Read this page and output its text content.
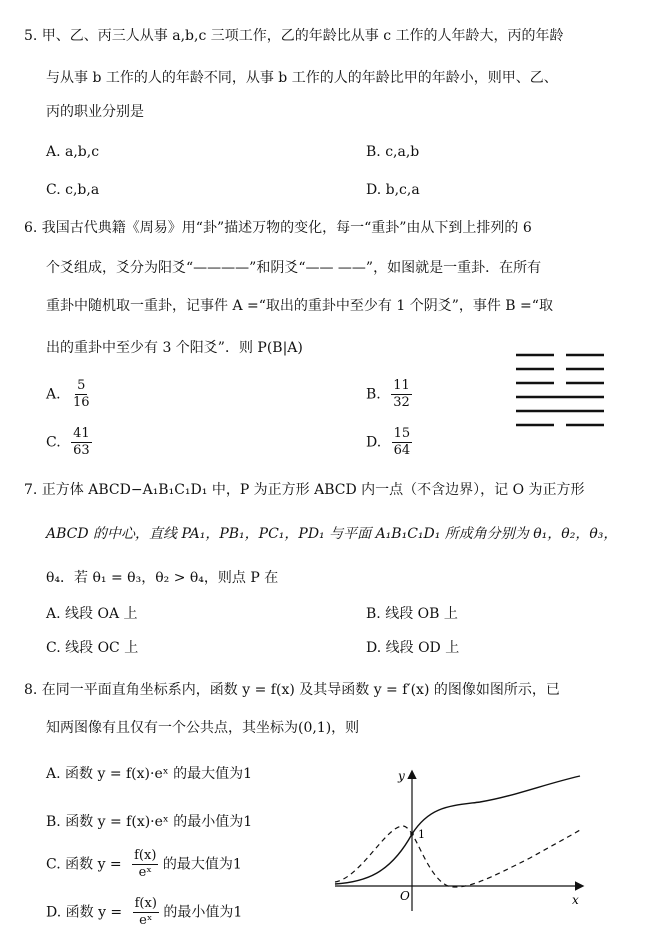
5. 甲、乙、丙三人从事 a,b,c 三项工作，乙的年龄比从事 c 工作的人年龄大，丙的年龄
与从事 b 工作的人的年龄不同，从事 b 工作的人的年龄比甲的年龄小，则甲、乙、
丙的职业分别是
A. a,b,c	B. c,a,b
C. c,b,a	D. b,c,a
6. 我国古代典籍《周易》用“卦”描述万物的变化，每一“重卦”由从下到上排列的 6
个爻组成，爻分为阳爻“————”和阴爻“—— ——”，如图就是一重卦．在所有
重卦中随机取一重卦，记事件 A =“取出的重卦中至少有 1 个阴爻”，事件 B =“取
出的重卦中至少有 3 个阳爻”．则 P(B|A)
A. $\frac{5}{16}$	B. $\frac{11}{32}$
C. $\frac{41}{63}$	D. $\frac{15}{64}$
7. 正方体 ABCD−A₁B₁C₁D₁ 中，P 为正方形 ABCD 内一点（不含边界），记 O 为正方形
ABCD 的中心，直线 PA₁，PB₁，PC₁，PD₁ 与平面 A₁B₁C₁D₁ 所成角分别为 θ₁，θ₂，θ₃，
θ₄．若 θ₁ = θ₃，θ₂ > θ₄，则点 P 在
A. 线段 OA 上	B. 线段 OB 上
C. 线段 OC 上	D. 线段 OD 上
8. 在同一平面直角坐标系内，函数 y = f(x) 及其导函数 y = f′(x) 的图像如图所示，已
知两图像有且仅有一个公共点，其坐标为(0,1)，则
A. 函数 y = f(x)·eˣ 的最大值为1
B. 函数 y = f(x)·eˣ 的最小值为1
C. 函数 $y = \frac{f(x)}{\text{eˣ}}$ 的最大值为1
D. 函数 $y = \frac{f(x)}{\text{eˣ}}$ 的最小值为1
y
x
O
1
